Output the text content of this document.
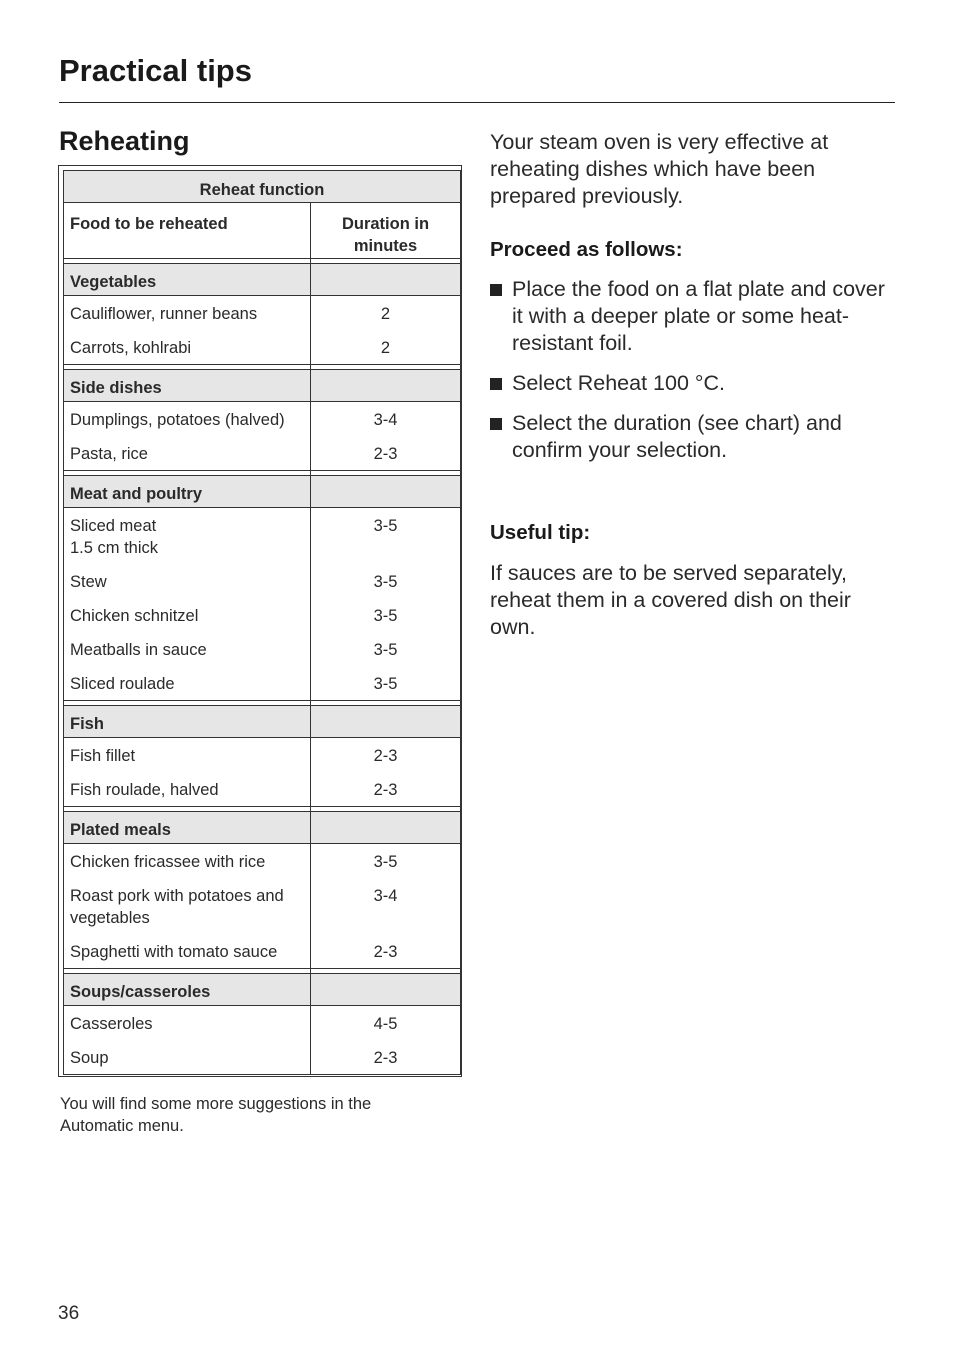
Practical tips
Reheating
Reheat function	
Food to be reheated	Duration in minutes

Vegetables	
Cauliflower, runner beans	2
Carrots, kohlrabi	2

Side dishes	
Dumplings, potatoes (halved)	3-4
Pasta, rice	2-3

Meat and poultry	
Sliced meat
1.5 cm thick	3-5
Stew	3-5
Chicken schnitzel	3-5
Meatballs in sauce	3-5
Sliced roulade	3-5

Fish	
Fish fillet	2-3
Fish roulade, halved	2-3

Plated meals	
Chicken fricassee with rice	3-5
Roast pork with potatoes and vegetables	3-4
Spaghetti with tomato sauce	2-3

Soups/casseroles	
Casseroles	4-5
Soup	2-3

You will find some more suggestions in the Automatic menu.

Your steam oven is very effective at reheating dishes which have been prepared previously.

Proceed as follows:

Place the food on a flat plate and cover it with a deeper plate or some heat-resistant foil.
Select Reheat 100 °C.
Select the duration (see chart) and confirm your selection.

Useful tip:

If sauces are to be served separately, reheat them in a covered dish on their own.

36
